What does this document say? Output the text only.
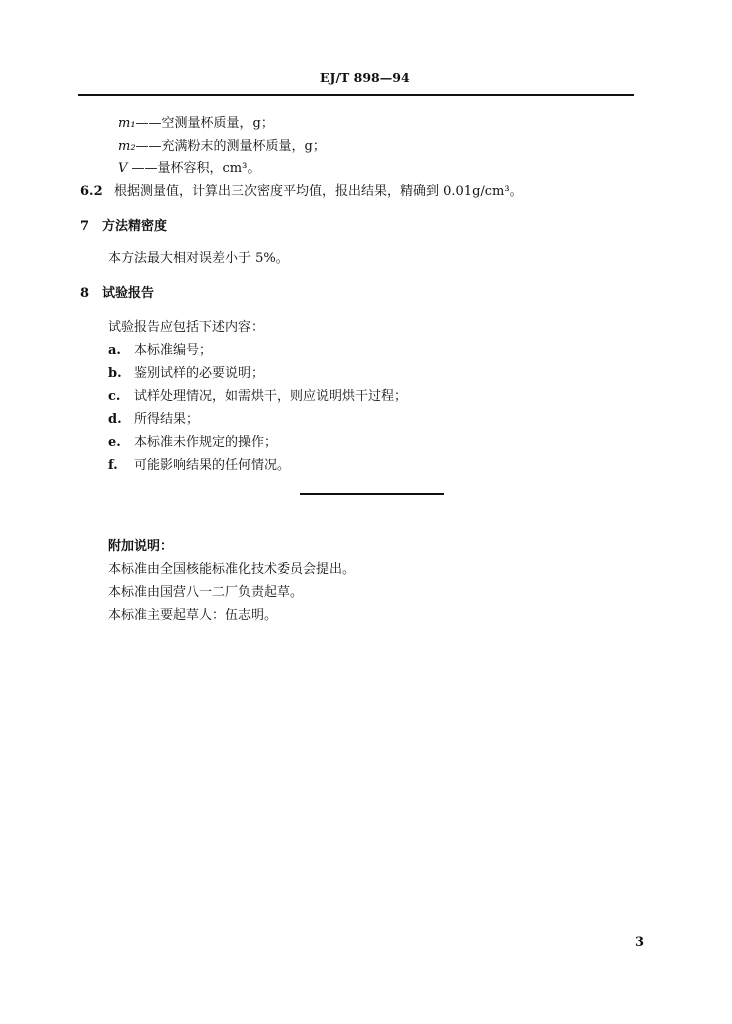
EJ/T 898—94
m₁——空测量杯质量，g；
m₂——充满粉末的测量杯质量，g；
V ——量杯容积，cm³。
6.2 根据测量值，计算出三次密度平均值，报出结果，精确到 0.01g/cm³。
7 方法精密度
本方法最大相对误差小于 5%。
8 试验报告
试验报告应包括下述内容：
a. 本标准编号；
b. 鉴别试样的必要说明；
c. 试样处理情况，如需烘干，则应说明烘干过程；
d. 所得结果；
e. 本标准未作规定的操作；
f. 可能影响结果的任何情况。
附加说明：
本标准由全国核能标准化技术委员会提出。
本标准由国营八一二厂负责起草。
本标准主要起草人：伍志明。
3
